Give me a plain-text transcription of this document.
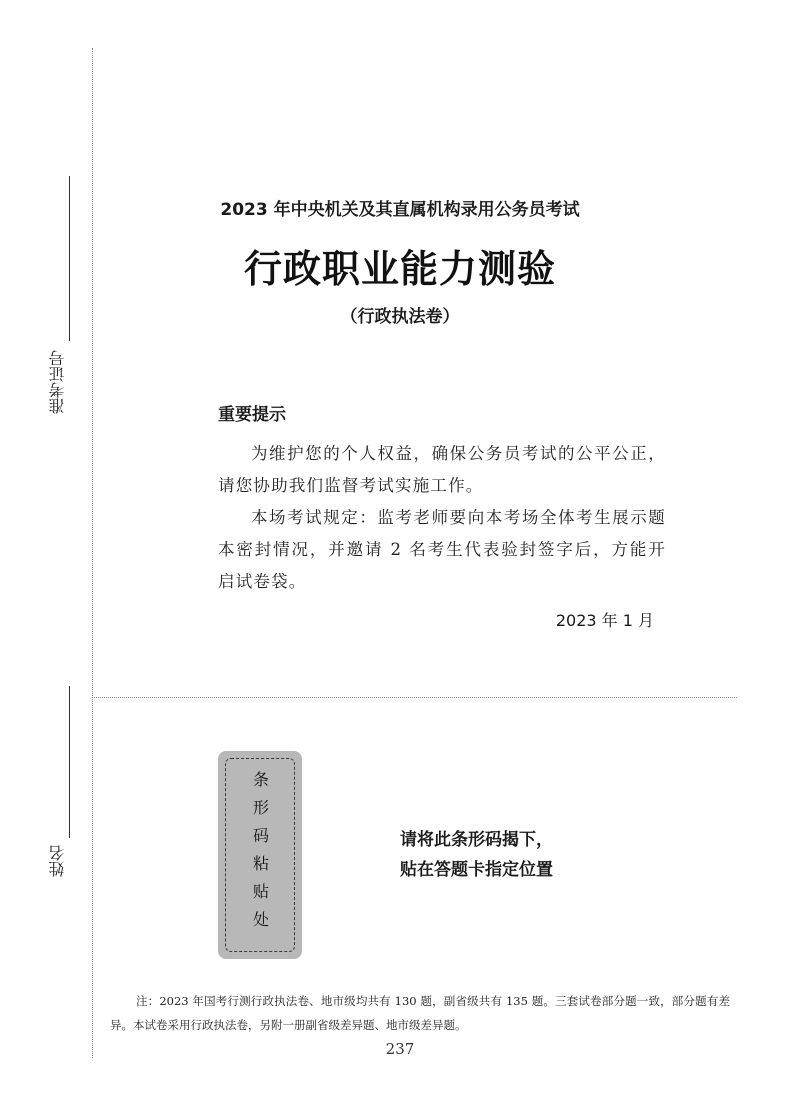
准考证号
姓名
2023 年中央机关及其直属机构录用公务员考试
行政职业能力测验
（行政执法卷）
重要提示

为维护您的个人权益，确保公务员考试的公平公正，请您协助我们监督考试实施工作。

本场考试规定：监考老师要向本考场全体考生展示题本密封情况，并邀请 2 名考生代表验封签字后，方能开启试卷袋。

2023 年 1 月
条形码粘贴处	请将此条形码揭下，
贴在答题卡指定位置
注：2023 年国考行测行政执法卷、地市级均共有 130 题，副省级共有 135 题。三套试卷部分题一致，部分题有差异。本试卷采用行政执法卷，另附一册副省级差异题、地市级差异题。
237
